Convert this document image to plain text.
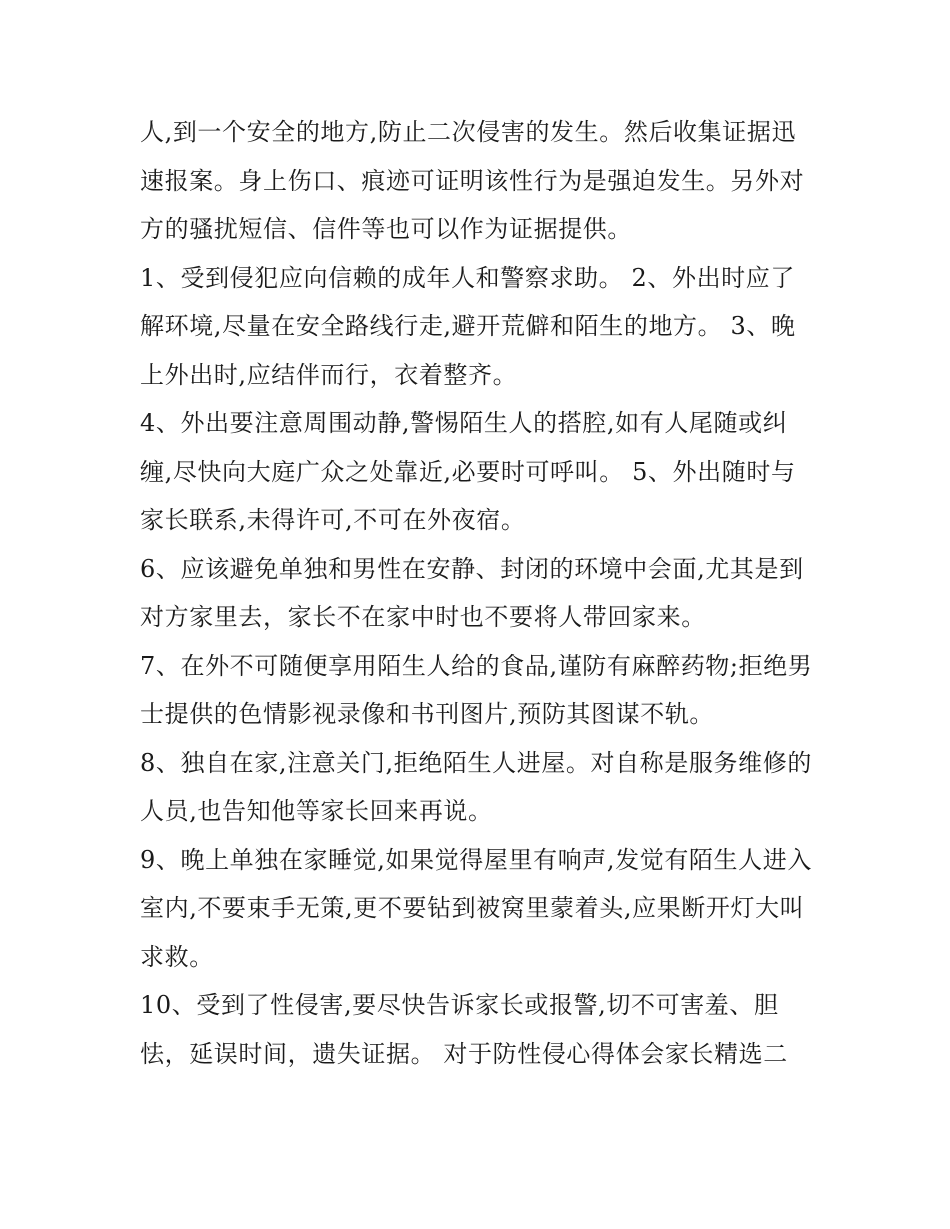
人,到一个安全的地方,防止二次侵害的发生。然后收集证据迅
速报案。身上伤口、痕迹可证明该性行为是强迫发生。另外对
方的骚扰短信、信件等也可以作为证据提供。

1、受到侵犯应向信赖的成年人和警察求助。 2、外出时应了
解环境,尽量在安全路线行走,避开荒僻和陌生的地方。 3、晚
上外出时,应结伴而行，衣着整齐。

4、外出要注意周围动静,警惕陌生人的搭腔,如有人尾随或纠
缠,尽快向大庭广众之处靠近,必要时可呼叫。 5、外出随时与
家长联系,未得许可,不可在外夜宿。

6、应该避免单独和男性在安静、封闭的环境中会面,尤其是到
对方家里去，家长不在家中时也不要将人带回家来。

7、在外不可随便享用陌生人给的食品,谨防有麻醉药物;拒绝男
士提供的色情影视录像和书刊图片,预防其图谋不轨。

8、独自在家,注意关门,拒绝陌生人进屋。对自称是服务维修的
人员,也告知他等家长回来再说。

9、晚上单独在家睡觉,如果觉得屋里有响声,发觉有陌生人进入
室内,不要束手无策,更不要钻到被窝里蒙着头,应果断开灯大叫
求救。

10、受到了性侵害,要尽快告诉家长或报警,切不可害羞、胆
怯，延误时间，遗失证据。 对于防性侵心得体会家长精选二
